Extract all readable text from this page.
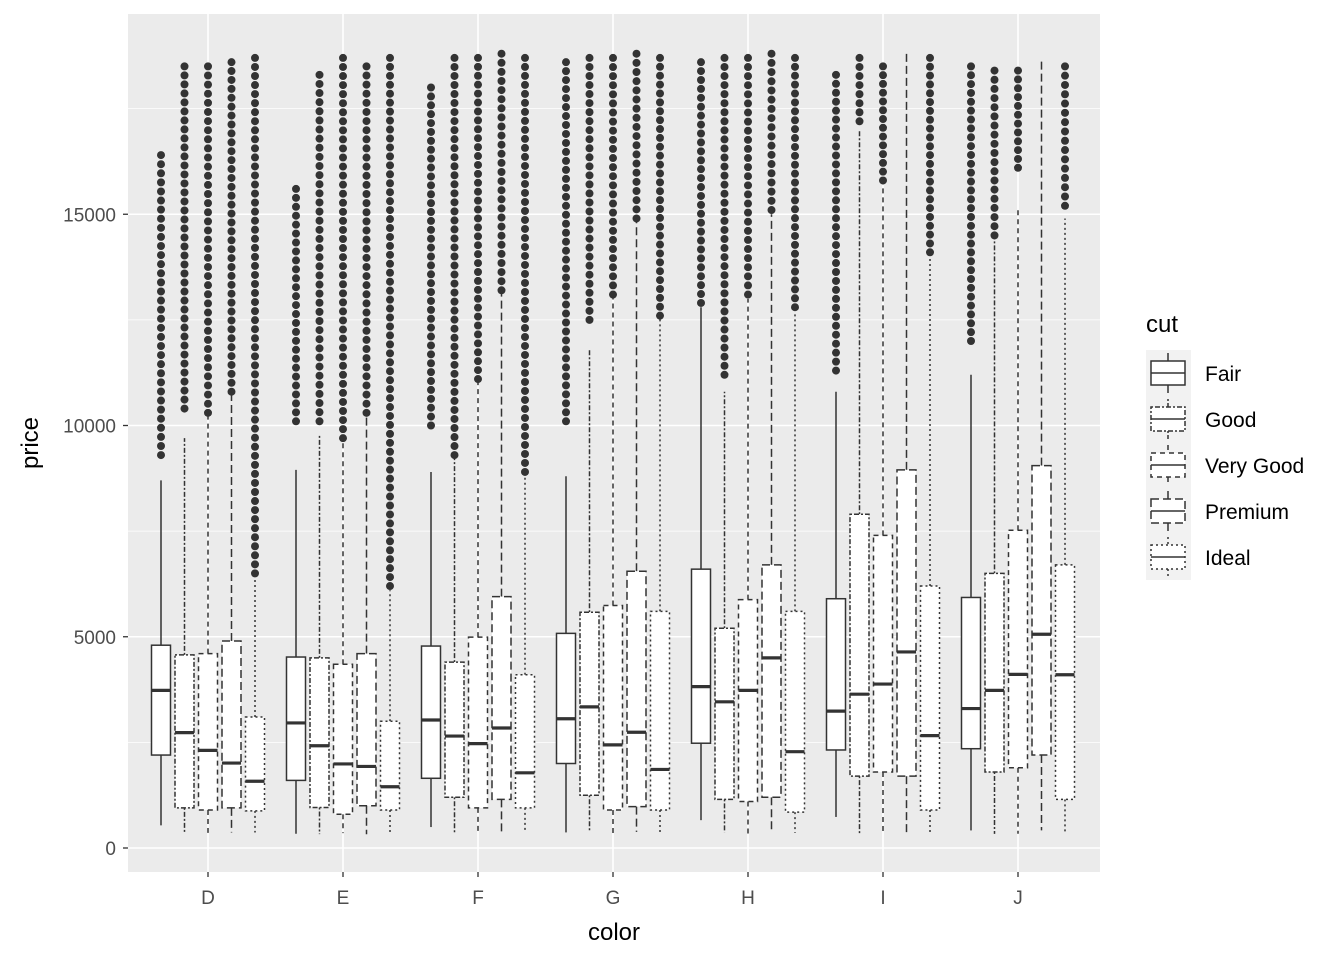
0
5000
10000
15000
D	E	F	G	H	I	J
color
price
cut
Fair
Good
Very Good
Premium
Ideal
